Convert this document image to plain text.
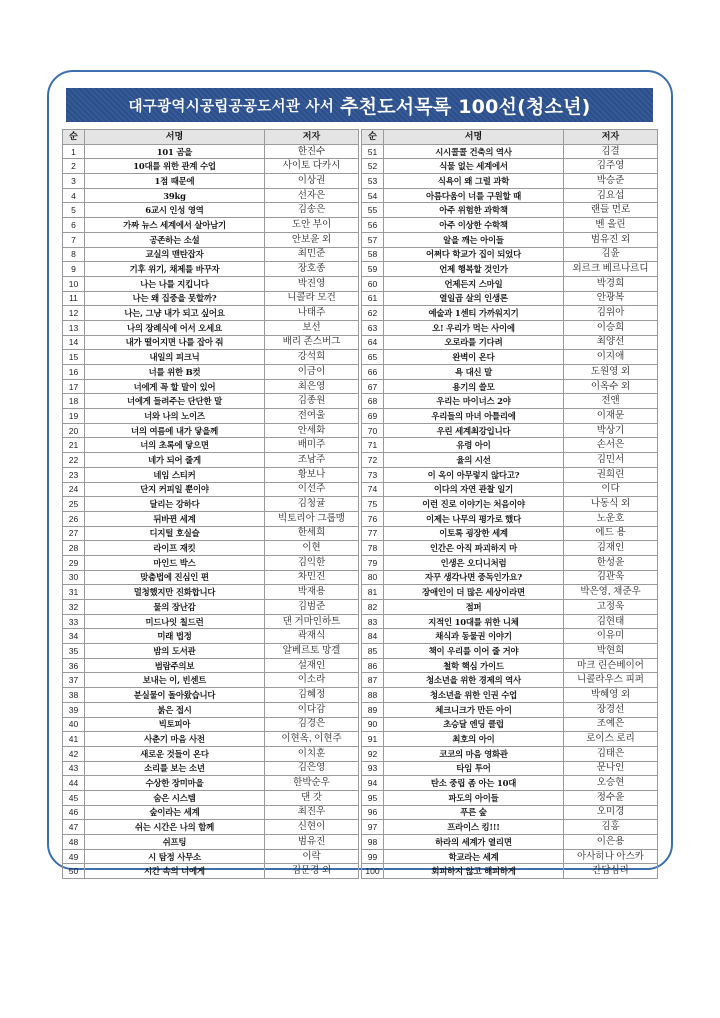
대구광역시공립공공도서관 사서 추천도서목록 100선(청소년)
순	서명	저자
1	101 곰을	한진수
2	10대를 위한 관계 수업	사이토 다카시
3	1점 때문에	이상권
4	39kg	선자은
5	6교시 인성 영역	김송은
6	가짜 뉴스 세계에서 살아남기	도안 부이
7	공존하는 소설	안보윤 외
8	교실의 맨탄잡자	최민준
9	기후 위기, 채제를 바꾸자	장호종
10	나는 나를 지킵니다	박진영
11	나는 왜 집중을 못할까?	니콜라 모건
12	나는, 그냥 내가 되고 싶어요	나태주
13	나의 장례식에 어서 오세요	보선
14	내가 떨어지면 나를 잡아 줘	배리 존스버그
15	내일의 피크닉	강석희
16	너를 위한 B컷	이금이
17	너에게 꼭 할 말이 있어	최은영
18	너에게 들려주는 단단한 말	김종원
19	너와 나의 노이즈	전여울
20	너의 여름에 내가 닿을께	안세화
21	너의 초록에 닿으면	배미주
22	네가 되어 줄게	조남주
23	네임 스티커	황보나
24	단지 커피일 뿐이야	이선주
25	달리는 강하다	김청귤
26	뒤바뀐 세계	빅토리아 그룹맹
27	디지털 호실슬	한세희
28	라이프 재킷	이현
29	마인드 박스	김익한
30	맞춤법에 진심인 편	차민진
31	멀청했지만 진화합니다	박재용
32	물의 장난감	김범준
33	미드나잇 칠드런	댄 거마인하트
34	미래 법정	곽재식
35	밤의 도서관	알베르토 망겔
36	범람주의보	설재인
37	보내는 이, 빈센트	이소라
38	분실물이 돌아왔습니다	김혜정
39	붉은 접시	이다감
40	빅토피아	김경은
41	사춘기 마음 사전	이현옥, 이현주
42	새로운 것들이 온다	이치훈
43	소리를 보는 소년	김은영
44	수상한 장미마을	한박순우
45	숨은 시스템	댄 갓
46	숲이라는 세계	최진우
47	쉬는 시간은 나의 함께	신현이
48	쉬프팅	범유진
49	시 탐정 사무소	이락
50	시간 속의 너에게	김문경 외
순	서명	저자
51	시시콜콜 건축의 역사	김결
52	식물 없는 세계에서	김주영
53	식욕이 왜 그럴 과학	박승준
54	아름다움이 너를 구원할 때	김요섭
55	아주 위험한 과학책	랜들 먼로
56	아주 이상한 수학책	벤 올린
57	알을 깨는 아이들	범유진 외
58	어쩌다 학교가 집이 되었다	김윤
59	언제 행복할 것인가	외르크 베르나르디
60	언제든지 스마일	박경희
61	열일곱 살의 인생론	안광복
62	예술과 1센티 가까워지기	김위아
63	오! 우리가 먹는 사이에	이승희
64	오로라를 기다려	최양선
65	완벽이 온다	이지애
66	욕 대신 말	도원영 외
67	용기의 쓸모	이옥수 외
68	우리는 마이너스 2야	전앤
69	우리들의 마녀 아틀리에	이재문
70	우린 세계최강입니다	박상기
71	유령 아이	손서은
72	율의 시선	김민서
73	이 옥이 아무렇지 않다고?	권희린
74	이다의 자연 관찰 일기	이다
75	이런 진로 이야기는 처음이야	나동식 외
76	이제는 나무의 평가로 했다	노운호
77	이토록 굉장한 세계	에드 용
78	인간은 아직 파괴하지 마	김재인
79	인생은 오디니처럼	한성윤
80	자꾸 생각나면 중독인가요?	김관욱
81	장애인이 더 많은 세상이라면	박은영, 채준우
82	점퍼	고정욱
83	지적인 10대를 위한 니체	김현태
84	채식과 동물권 이야기	이유미
85	책이 우리를 이어 줄 거야	박현희
86	철학 핵심 가이드	마크 린슨베이어
87	청소년을 위한 경제의 역사	니콜라우스 피퍼
88	청소년을 위한 인권 수업	박혜영 외
89	체크니크가 만든 아이	장경선
90	초승달 엔딩 클럽	조예은
91	최호의 아이	로이스 로리
92	코코의 마음 영화관	김태은
93	타임 투어	문나인
94	탄소 중립 좀 아는 10대	오승현
95	파도의 아이들	정수윤
96	푸른 숲	오미경
97	프라이스 킹!!!	김홍
98	하라의 세계가 열리면	이은용
99	학교라는 세계	아사히나 아스카
100	회피하지 않고 해피하게	간담심리
